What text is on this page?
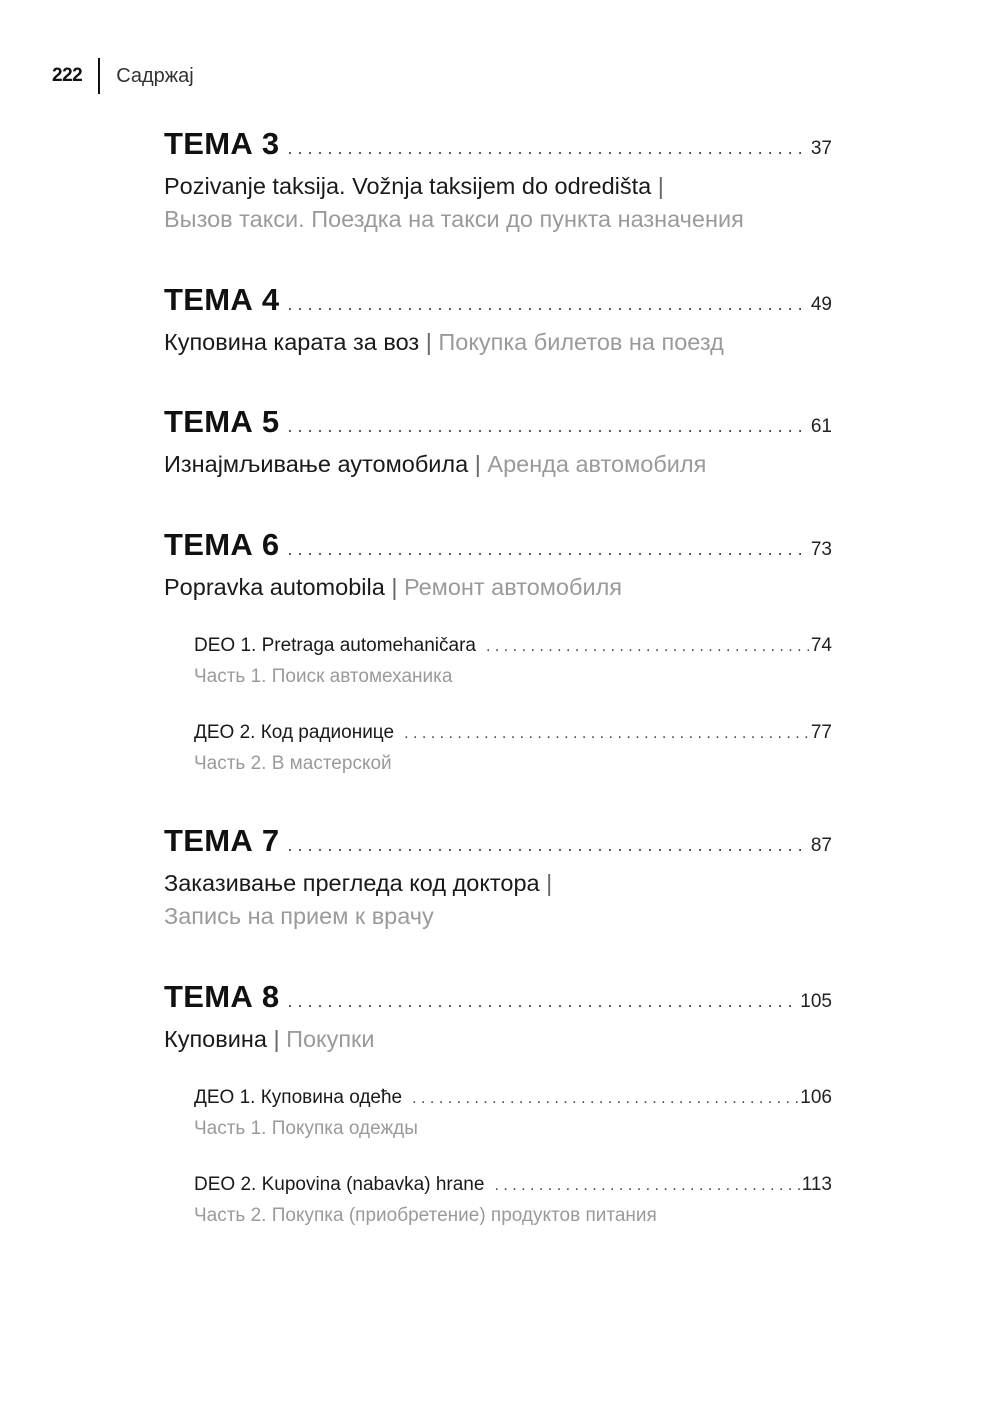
222 Садржај
ТЕМА 3 . . .	37
Pozivanje taksija. Vožnja taksijem do odredišta |
Вызов такси. Поездка на такси до пункта назначения
ТЕМА 4 . . .	49
Куповина карата за воз | Покупка билетов на поезд
ТЕМА 5 . . .	61
Изнајмљивање аутомобила | Аренда автомобиля
ТЕМА 6 . . .	73
Popravka automobila | Ремонт автомобиля
DEO 1. Pretraga automehaničara . . .	74
Часть 1. Поиск автомеханика
ДЕО 2. Код радионице . . .	77
Часть 2. В мастерской
ТЕМА 7 . . .	87
Заказивање прегледа код доктора |
Запись на прием к врачу
ТЕМА 8 . . .	105
Куповина | Покупки
ДЕО 1. Куповина одеће . . .	106
Часть 1. Покупка одежды
DEO 2. Kupovina (nabavka) hrane . . .	113
Часть 2. Покупка (приобретение) продуктов питания
